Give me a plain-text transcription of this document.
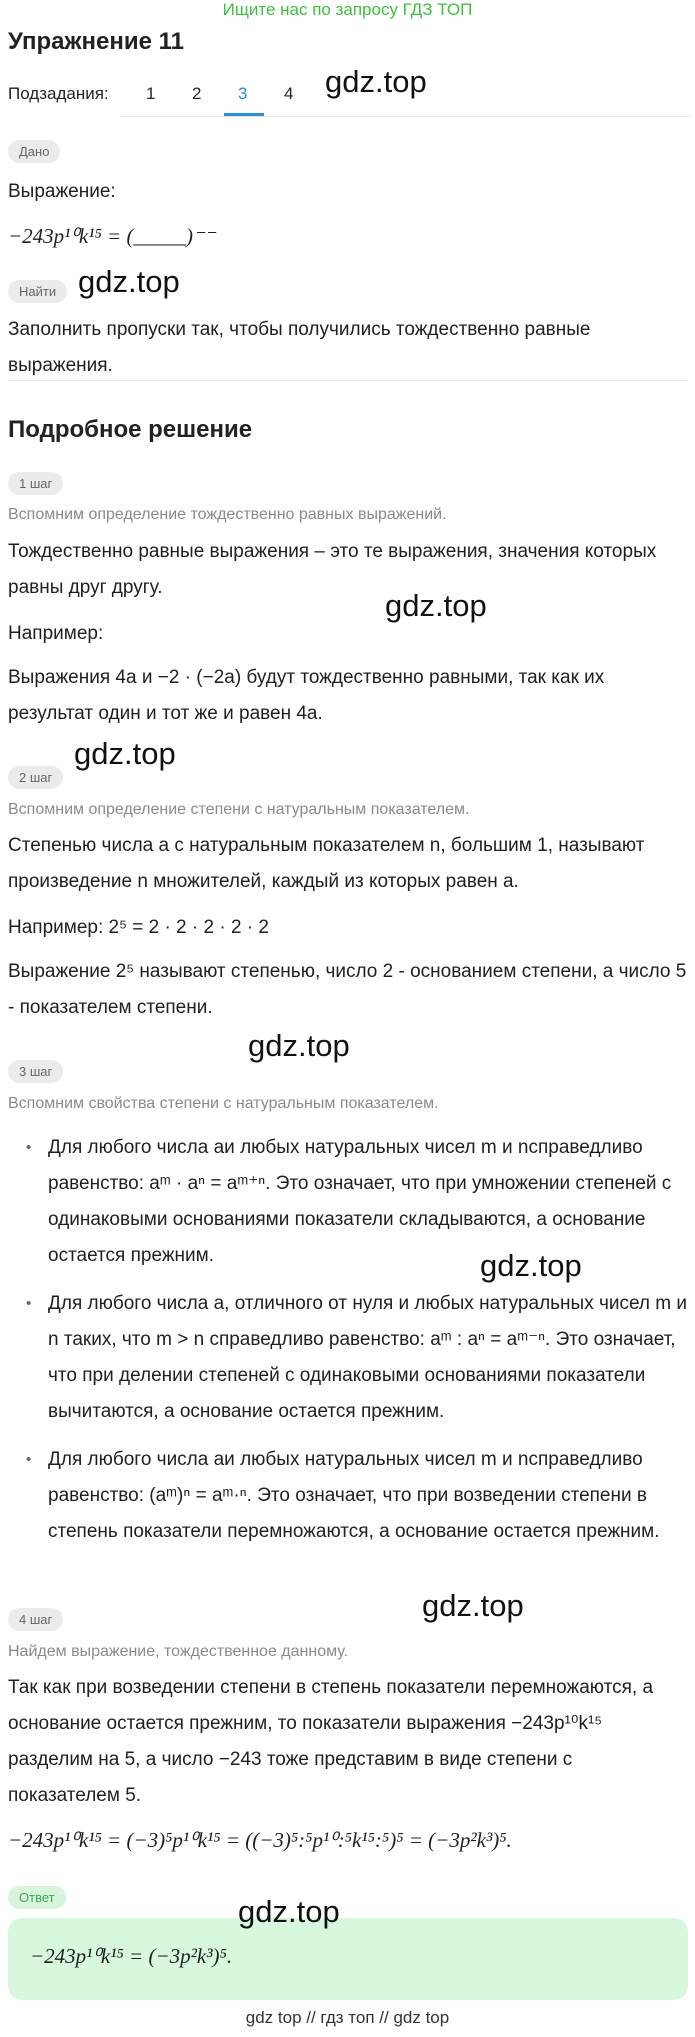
Ищите нас по запросу ГДЗ ТОП
Упражнение 11
Подзадания: 1 2 3 4 gdz.top
Дано
Выражение:
−243p¹⁰k¹⁵ = (_____)⁻⁻
Найти gdz.top
Заполнить пропуски так, чтобы получились тождественно равные выражения.
Подробное решение
1 шаг
Вспомним определение тождественно равных выражений.
Тождественно равные выражения – это те выражения, значения которых равны друг другу.
gdz.top
Например:
Выражения 4a и −2 · (−2a) будут тождественно равными, так как их результат один и тот же и равен 4a.
gdz.top
2 шаг
Вспомним определение степени с натуральным показателем.
Степенью числа a с натуральным показателем n, большим 1, называют произведение n множителей, каждый из которых равен a.
Например: 2⁵ = 2 · 2 · 2 · 2 · 2
Выражение 2⁵ называют степенью, число 2 - основанием степени, а число 5 - показателем степени.
gdz.top
3 шаг
Вспомним свойства степени с натуральным показателем.
• Для любого числа aи любых натуральных чисел m и nсправедливо равенство: aᵐ · aⁿ = aᵐ⁺ⁿ. Это означает, что при умножении степеней с одинаковыми основаниями показатели складываются, а основание остается прежним.
• Для любого числа a, отличного от нуля и любых натуральных чисел m и n таких, что m > n справедливо равенство: aᵐ : aⁿ = aᵐ⁻ⁿ. Это означает, что при делении степеней с одинаковыми основаниями показатели вычитаются, а основание остается прежним.
• Для любого числа aи любых натуральных чисел m и nсправедливо равенство: (aᵐ)ⁿ = aᵐ·ⁿ. Это означает, что при возведении степени в степень показатели перемножаются, а основание остается прежним.
gdz.top
gdz.top
4 шаг
Найдем выражение, тождественное данному.
Так как при возведении степени в степень показатели перемножаются, а основание остается прежним, то показатели выражения −243p¹⁰k¹⁵ разделим на 5, а число −243 тоже представим в виде степени с показателем 5.
−243p¹⁰k¹⁵ = (−3)⁵p¹⁰k¹⁵ = ((−3)⁵:⁵p¹⁰:⁵k¹⁵:⁵)⁵ = (−3p²k³)⁵.
Ответ	gdz.top
−243p¹⁰k¹⁵ = (−3p²k³)⁵.
gdz top // гдз топ // gdz top
